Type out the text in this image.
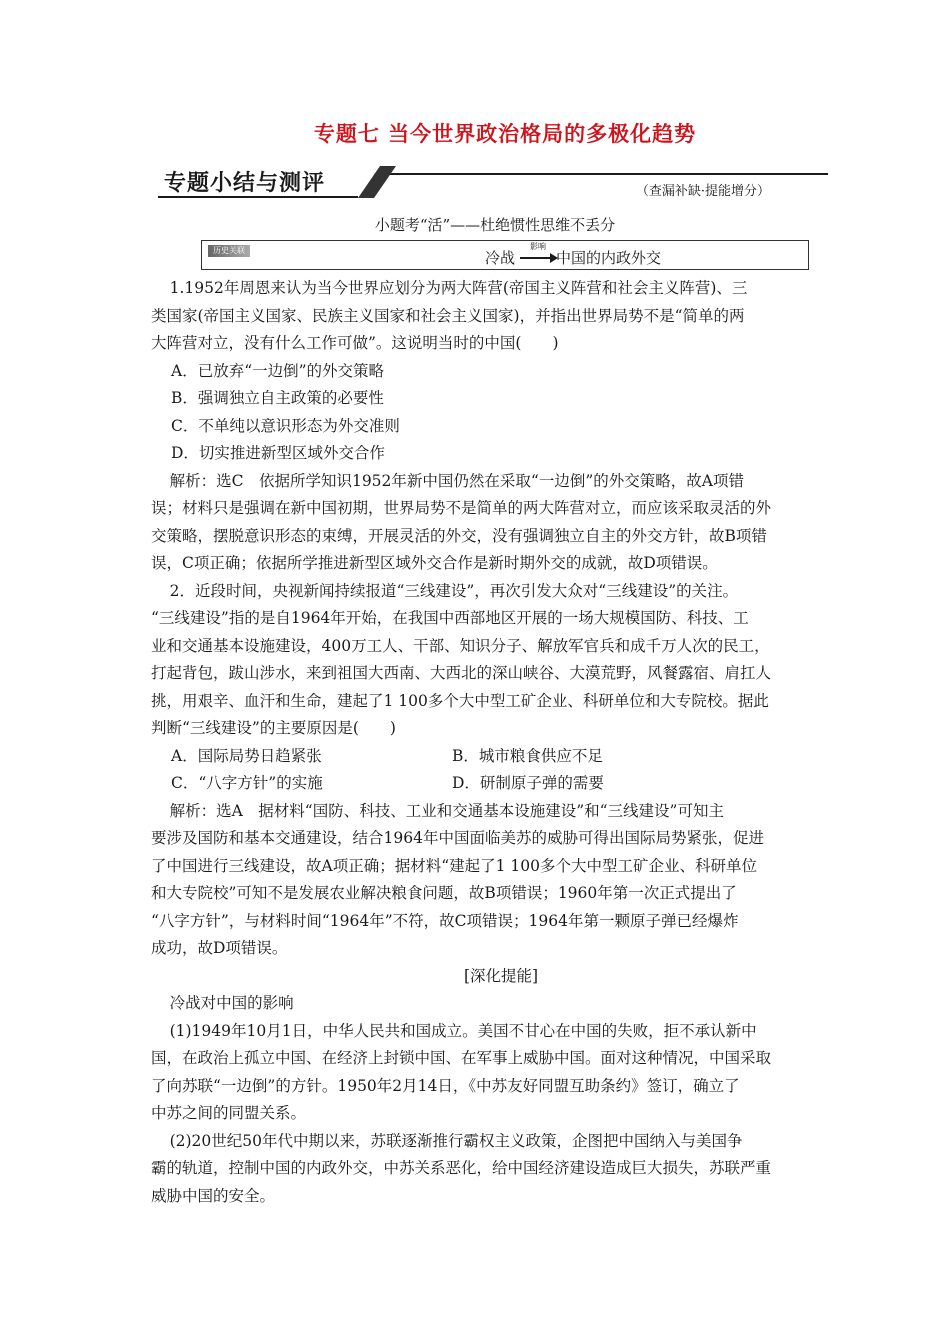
专题七 当今世界政治格局的多极化趋势
专题小结与测评	（查漏补缺·提能增分）
小题考“活”——杜绝惯性思维不丢分
历史关联	冷战
影响
中国的内政外交

1.1952年周恩来认为当今世界应划分为两大阵营(帝国主义阵营和社会主义阵营)、三

类国家(帝国主义国家、民族主义国家和社会主义国家)，并指出世界局势不是“简单的两

大阵营对立，没有什么工作可做”。这说明当时的中国(　　)

A．已放弃“一边倒”的外交策略

B．强调独立自主政策的必要性

C．不单纯以意识形态为外交准则

D．切实推进新型区域外交合作

解析：选C　依据所学知识1952年新中国仍然在采取“一边倒”的外交策略，故A项错

误；材料只是强调在新中国初期，世界局势不是简单的两大阵营对立，而应该采取灵活的外

交策略，摆脱意识形态的束缚，开展灵活的外交，没有强调独立自主的外交方针，故B项错

误，C项正确；依据所学推进新型区域外交合作是新时期外交的成就，故D项错误。

2．近段时间，央视新闻持续报道“三线建设”，再次引发大众对“三线建设”的关注。

“三线建设”指的是自1964年开始，在我国中西部地区开展的一场大规模国防、科技、工

业和交通基本设施建设，400万工人、干部、知识分子、解放军官兵和成千万人次的民工，

打起背包，跋山涉水，来到祖国大西南、大西北的深山峡谷、大漠荒野，风餐露宿、肩扛人

挑，用艰辛、血汗和生命，建起了1 100多个大中型工矿企业、科研单位和大专院校。据此

判断“三线建设”的主要原因是(　　)

A．国际局势日趋紧张	B．城市粮食供应不足
C．“八字方针”的实施	D．研制原子弹的需要

解析：选A　据材料“国防、科技、工业和交通基本设施建设”和“三线建设”可知主

要涉及国防和基本交通建设，结合1964年中国面临美苏的威胁可得出国际局势紧张，促进

了中国进行三线建设，故A项正确；据材料“建起了1 100多个大中型工矿企业、科研单位

和大专院校”可知不是发展农业解决粮食问题，故B项错误；1960年第一次正式提出了

“八字方针”，与材料时间“1964年”不符，故C项错误；1964年第一颗原子弹已经爆炸

成功，故D项错误。

[深化提能]

冷战对中国的影响

(1)1949年10月1日，中华人民共和国成立。美国不甘心在中国的失败，拒不承认新中

国，在政治上孤立中国、在经济上封锁中国、在军事上威胁中国。面对这种情况，中国采取

了向苏联“一边倒”的方针。1950年2月14日，《中苏友好同盟互助条约》签订，确立了

中苏之间的同盟关系。

(2)20世纪50年代中期以来，苏联逐渐推行霸权主义政策，企图把中国纳入与美国争

霸的轨道，控制中国的内政外交，中苏关系恶化，给中国经济建设造成巨大损失，苏联严重

威胁中国的安全。
